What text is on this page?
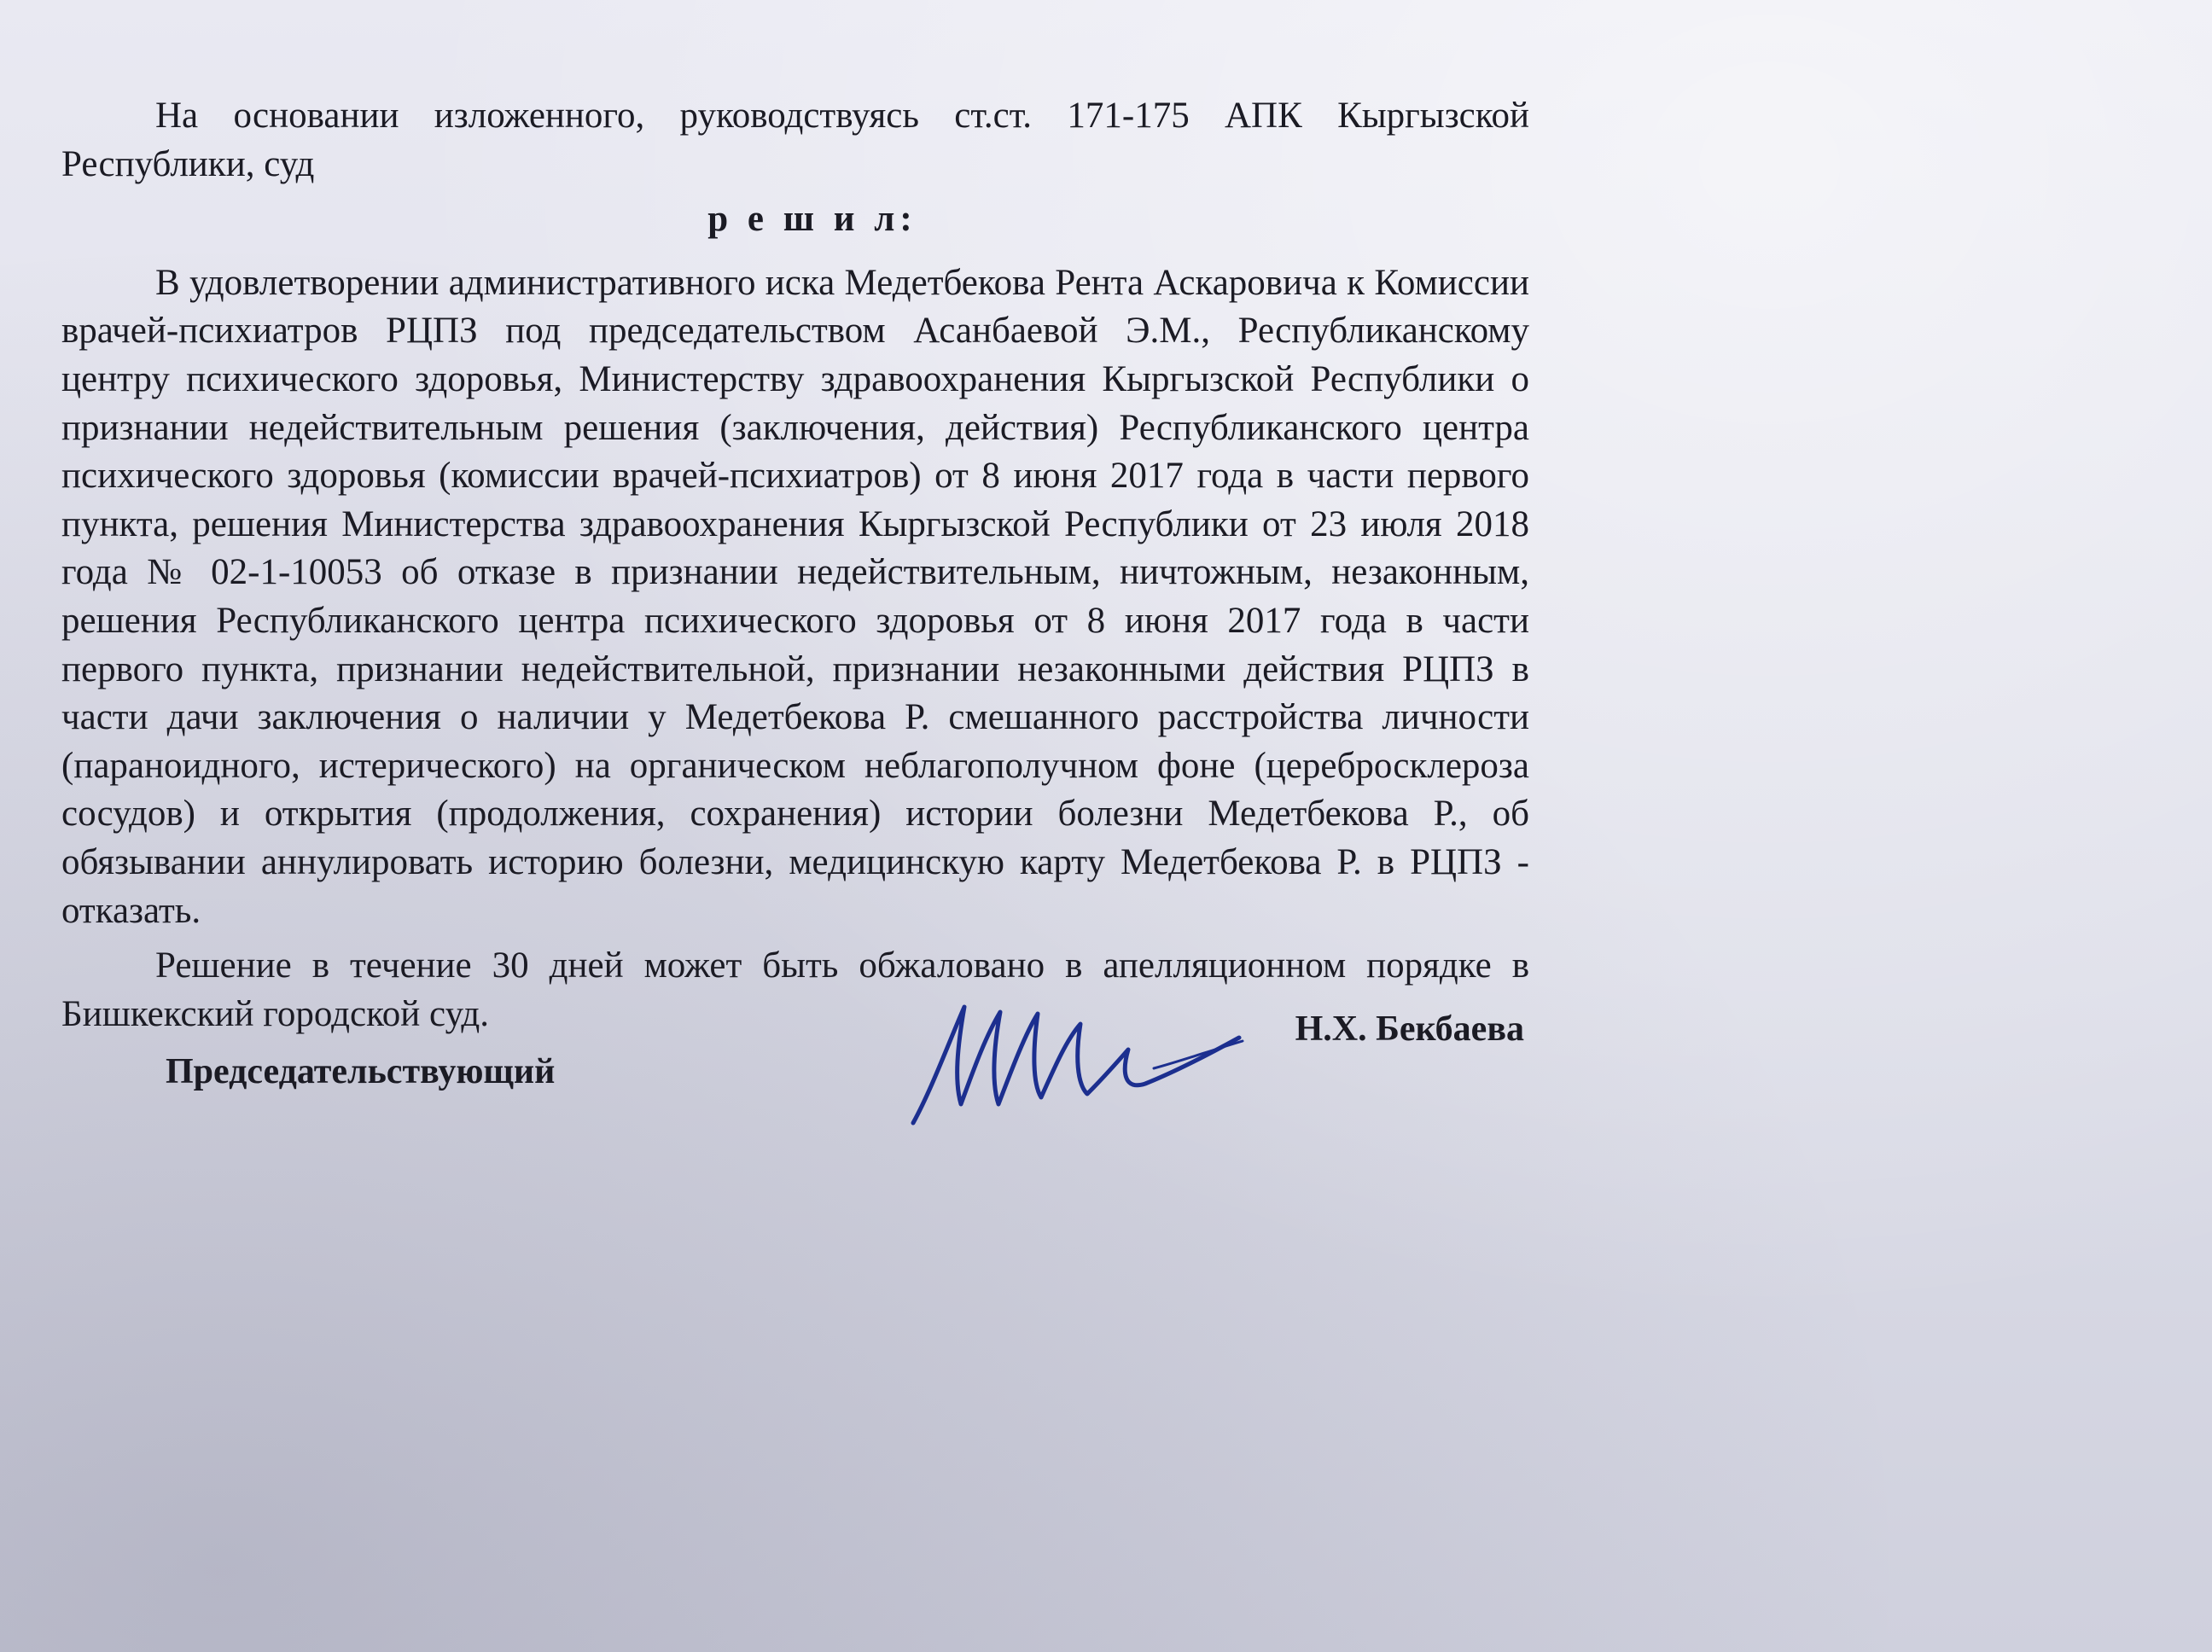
На основании изложенного, руководствуясь ст.ст. 171-175 АПК Кыргызской Республики, суд

р е ш и л:

В удовлетворении административного иска Медетбекова Рента Аскаровича к Комиссии врачей-психиатров РЦПЗ под председательством Асанбаевой Э.М., Республиканскому центру психического здоровья, Министерству здравоохранения Кыргызской Республики о признании недействительным решения (заключения, действия) Республиканского центра психического здоровья (комиссии врачей-психиатров) от 8 июня 2017 года в части первого пункта, решения Министерства здравоохранения Кыргызской Республики от 23 июля 2018 года № 02-1-10053 об отказе в признании недействительным, ничтожным, незаконным, решения Республиканского центра психического здоровья от 8 июня 2017 года в части первого пункта, признании недействительной, признании незаконными действия РЦПЗ в части дачи заключения о наличии у Медетбекова Р. смешанного расстройства личности (параноидного, истерического) на органическом неблагополучном фоне (церебросклероза сосудов) и открытия (продолжения, сохранения) истории болезни Медетбекова Р., об обязывании аннулировать историю болезни, медицинскую карту Медетбекова Р. в РЦПЗ - отказать.

Решение в течение 30 дней может быть обжаловано в апелляционном порядке в Бишкекский городской суд.

Председательствующий
Н.Х. Бекбаева
